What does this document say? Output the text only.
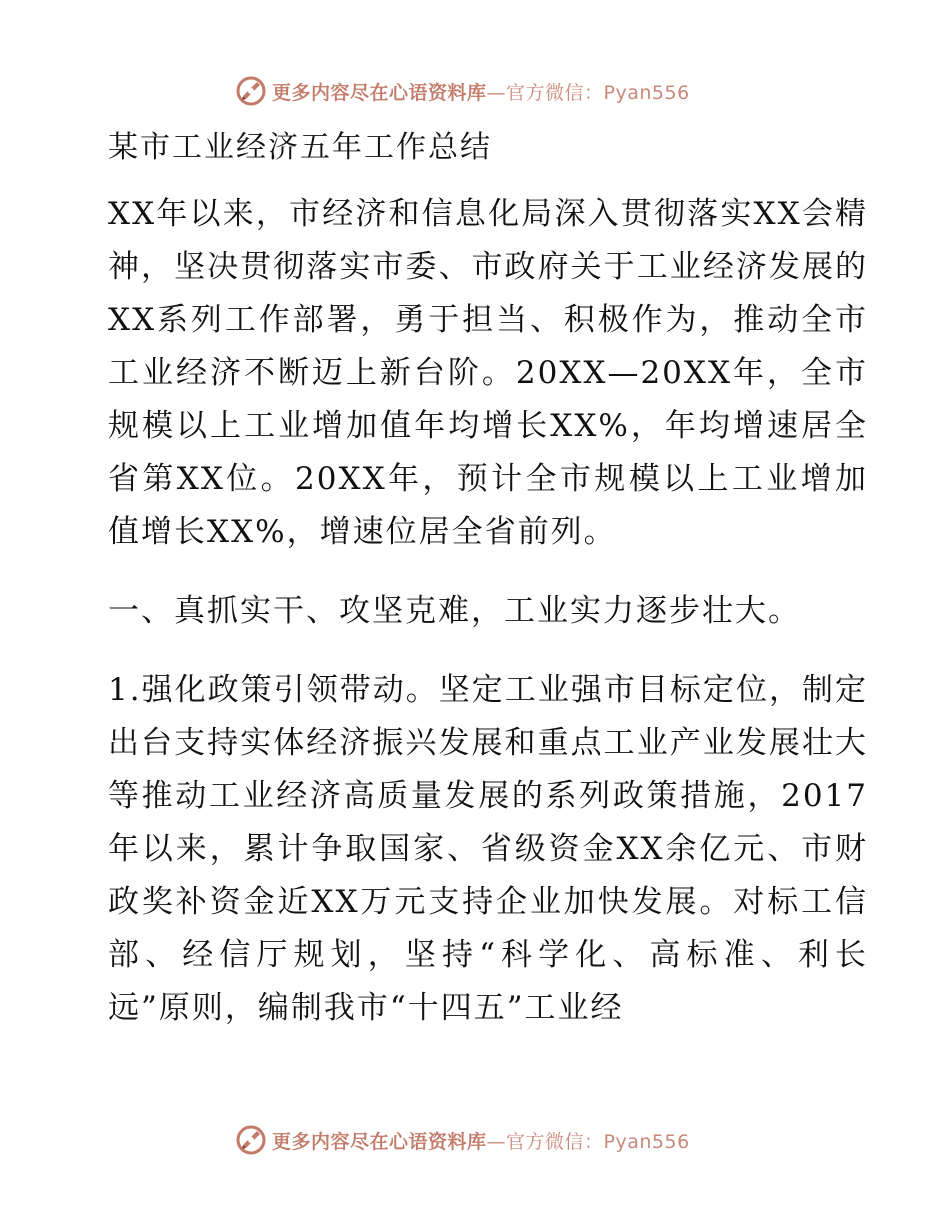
更多内容尽在心语资料库—官方微信：Pyan556
某市工业经济五年工作总结

XX年以来，市经济和信息化局深入贯彻落实XX会精神，坚决贯彻落实市委、市政府关于工业经济发展的XX系列工作部署，勇于担当、积极作为，推动全市工业经济不断迈上新台阶。20XX—20XX年，全市规模以上工业增加值年均增长XX%，年均增速居全省第XX位。20XX年，预计全市规模以上工业增加值增长XX%，增速位居全省前列。

一、真抓实干、攻坚克难，工业实力逐步壮大。

1.强化政策引领带动。坚定工业强市目标定位，制定出台支持实体经济振兴发展和重点工业产业发展壮大等推动工业经济高质量发展的系列政策措施，2017年以来，累计争取国家、省级资金XX余亿元、市财政奖补资金近XX万元支持企业加快发展。对标工信部、经信厅规划，坚持“科学化、高标准、利长远”原则，编制我市“十四五”工业经

更多内容尽在心语资料库—官方微信：Pyan556
